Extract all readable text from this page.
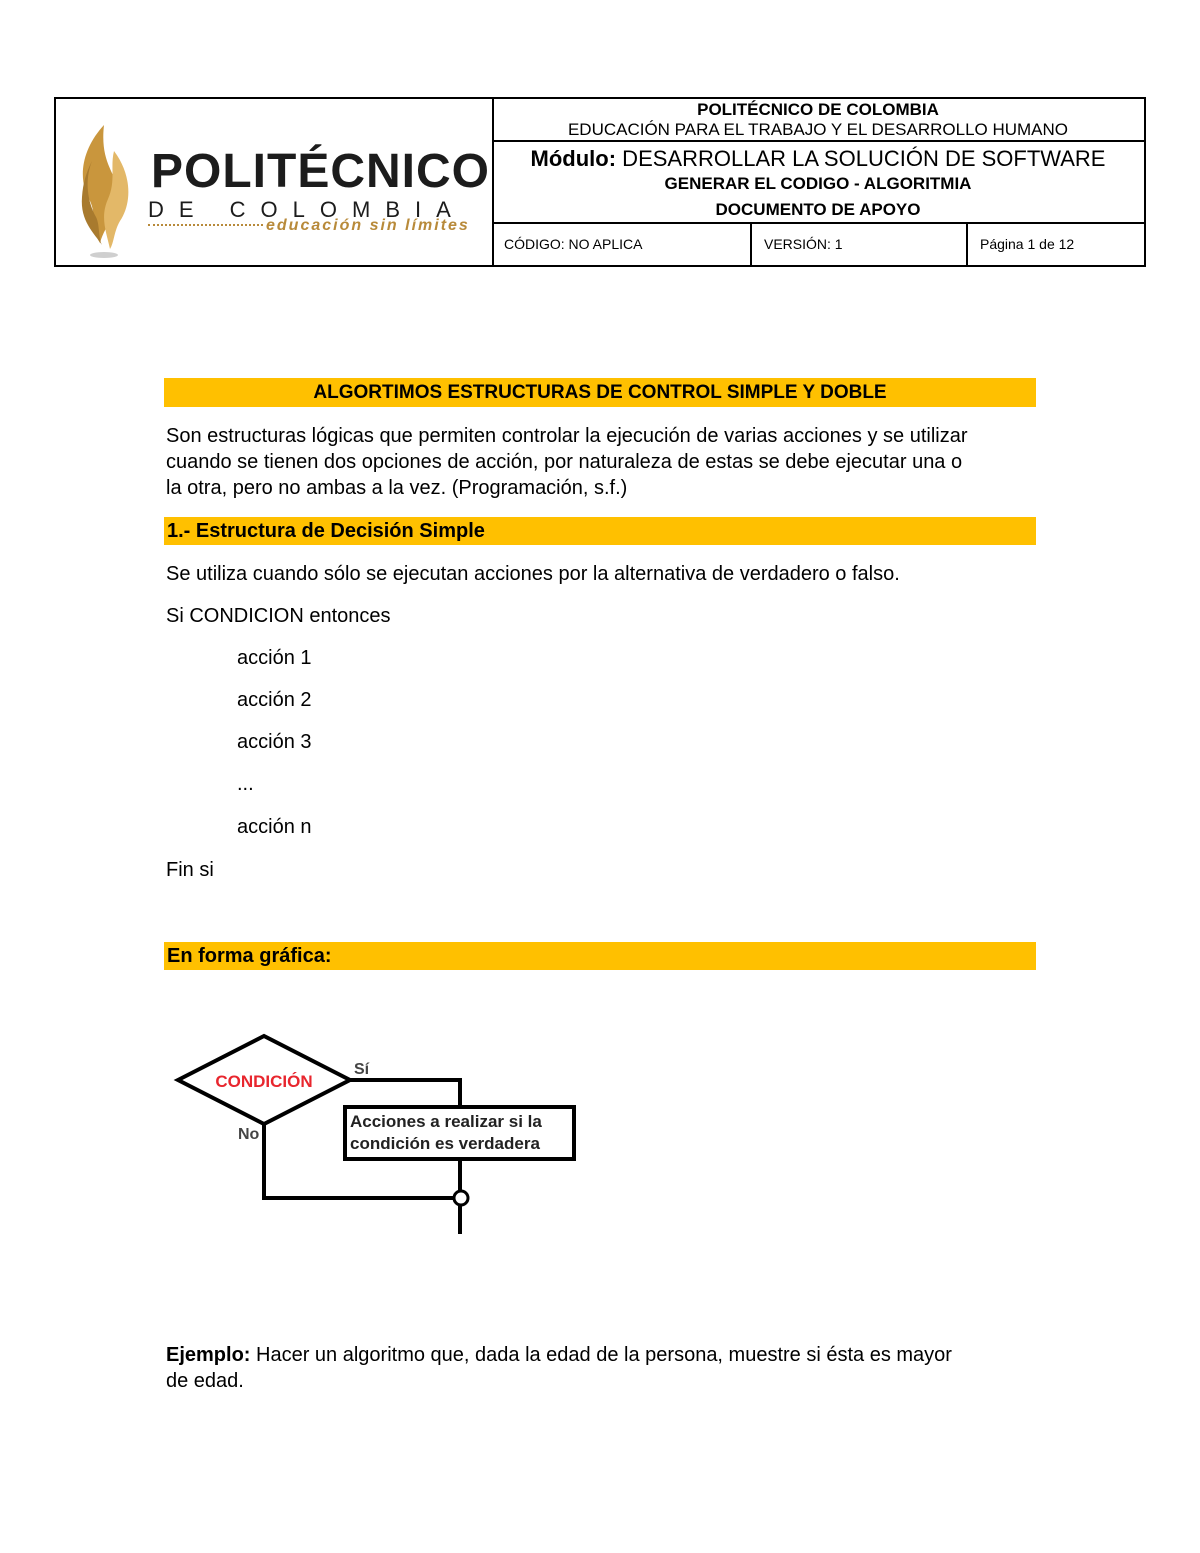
POLITÉCNICO
DE COLOMBIA
educación sin límites
POLITÉCNICO DE COLOMBIA
EDUCACIÓN PARA EL TRABAJO Y EL DESARROLLO HUMANO
Módulo: DESARROLLAR LA SOLUCIÓN DE SOFTWARE
GENERAR EL CODIGO - ALGORITMIA
DOCUMENTO DE APOYO
CÓDIGO: NO APLICA	VERSIÓN: 1	Página 1 de 12
ALGORTIMOS ESTRUCTURAS DE CONTROL SIMPLE Y DOBLE
Son estructuras lógicas que permiten controlar la ejecución de varias acciones y se utilizar
cuando se tienen dos opciones de acción, por naturaleza de estas se debe ejecutar una o
la otra, pero no ambas a la vez. (Programación, s.f.)
1.- Estructura de Decisión Simple
Se utiliza cuando sólo se ejecutan acciones por la alternativa de verdadero o falso.
Si CONDICION entonces
acción 1
acción 2
acción 3
...
acción n
Fin si
En forma gráfica:
CONDICIÓN
Sí
No
Acciones a realizar si la
condición es verdadera
Ejemplo: Hacer un algoritmo que, dada la edad de la persona, muestre si ésta es mayor
de edad.
